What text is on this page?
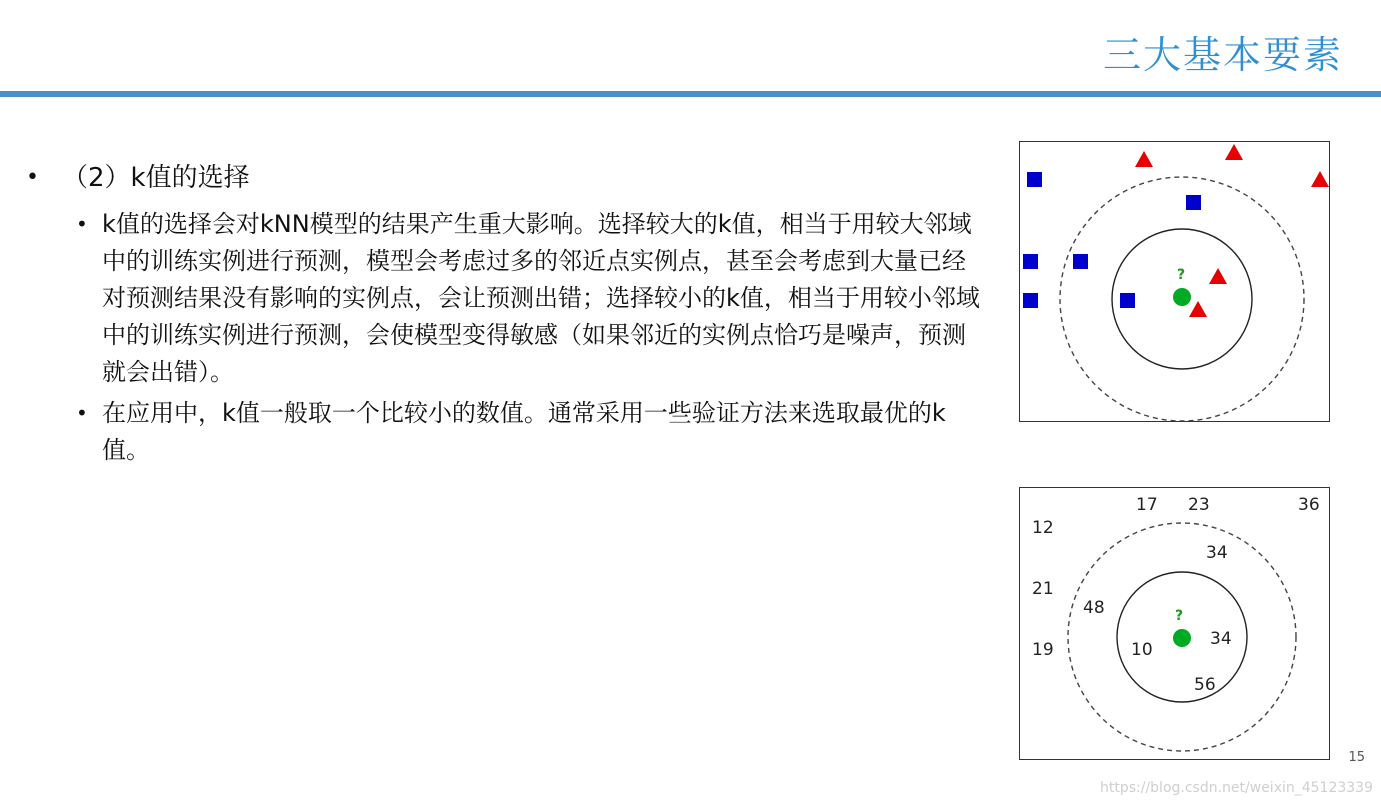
三大基本要素
• （2）k值的选择
• k值的选择会对kNN模型的结果产生重大影响。选择较大的k值，相当于用较大邻域中的训练实例进行预测，模型会考虑过多的邻近点实例点，甚至会考虑到大量已经对预测结果没有影响的实例点，会让预测出错；选择较小的k值，相当于用较小邻域中的训练实例进行预测，会使模型变得敏感（如果邻近的实例点恰巧是噪声，预测就会出错）。
• 在应用中，k值一般取一个比较小的数值。通常采用一些验证方法来选取最优的k值。
?
17 23	36
12
34
21
48
34
10
19
56
?
15
https://blog.csdn.net/weixin_45123339
